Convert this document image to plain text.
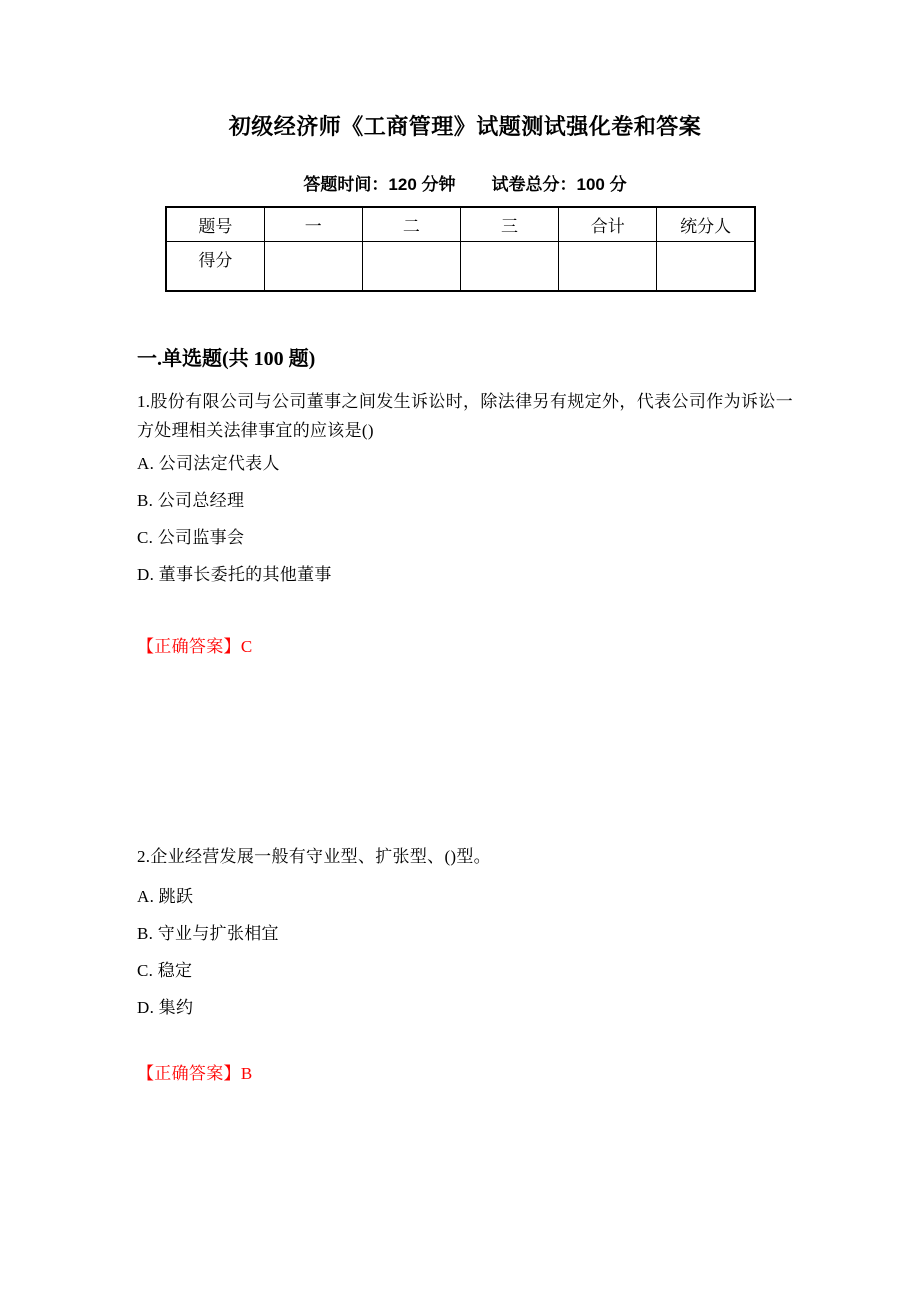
初级经济师《工商管理》试题测试强化卷和答案
答题时间：120 分钟 试卷总分：100 分
题号	一	二	三	合计	统分人
得分					
一.单选题(共 100 题)

1.股份有限公司与公司董事之间发生诉讼时，除法律另有规定外，代表公司作为诉讼一方处理相关法律事宜的应该是()

A. 公司法定代表人
B. 公司总经理
C. 公司监事会
D. 董事长委托的其他董事

【正确答案】C

2.企业经营发展一般有守业型、扩张型、()型。

A. 跳跃
B. 守业与扩张相宜
C. 稳定
D. 集约

【正确答案】B
